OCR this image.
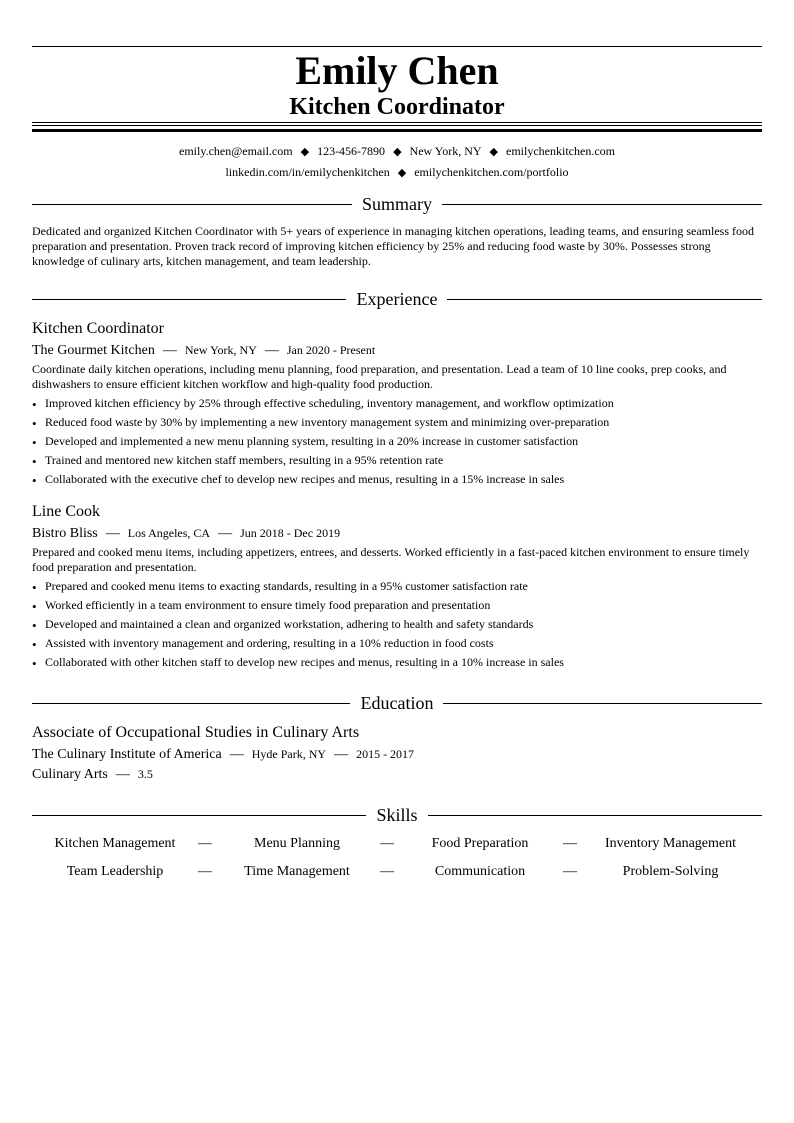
Emily Chen
Kitchen Coordinator
emily.chen@email.com ◆ 123-456-7890 ◆ New York, NY ◆ emilychenkitchen.com
linkedin.com/in/emilychenkitchen ◆ emilychenkitchen.com/portfolio
Summary
Dedicated and organized Kitchen Coordinator with 5+ years of experience in managing kitchen operations, leading teams, and ensuring seamless food preparation and presentation. Proven track record of improving kitchen efficiency by 25% and reducing food waste by 30%. Possesses strong knowledge of culinary arts, kitchen management, and team leadership.
Experience
Kitchen Coordinator
The Gourmet Kitchen — New York, NY — Jan 2020 - Present
Coordinate daily kitchen operations, including menu planning, food preparation, and presentation. Lead a team of 10 line cooks, prep cooks, and dishwashers to ensure efficient kitchen workflow and high-quality food production.
• Improved kitchen efficiency by 25% through effective scheduling, inventory management, and workflow optimization
• Reduced food waste by 30% by implementing a new inventory management system and minimizing over-preparation
• Developed and implemented a new menu planning system, resulting in a 20% increase in customer satisfaction
• Trained and mentored new kitchen staff members, resulting in a 95% retention rate
• Collaborated with the executive chef to develop new recipes and menus, resulting in a 15% increase in sales
Line Cook
Bistro Bliss — Los Angeles, CA — Jun 2018 - Dec 2019
Prepared and cooked menu items, including appetizers, entrees, and desserts. Worked efficiently in a fast-paced kitchen environment to ensure timely food preparation and presentation.
• Prepared and cooked menu items to exacting standards, resulting in a 95% customer satisfaction rate
• Worked efficiently in a team environment to ensure timely food preparation and presentation
• Developed and maintained a clean and organized workstation, adhering to health and safety standards
• Assisted with inventory management and ordering, resulting in a 10% reduction in food costs
• Collaborated with other kitchen staff to develop new recipes and menus, resulting in a 10% increase in sales
Education
Associate of Occupational Studies in Culinary Arts
The Culinary Institute of America — Hyde Park, NY — 2015 - 2017
Culinary Arts — 3.5
Skills
Kitchen Management	—	Menu Planning	—	Food Preparation	—	Inventory Management
Team Leadership	—	Time Management	—	Communication	—	Problem-Solving
